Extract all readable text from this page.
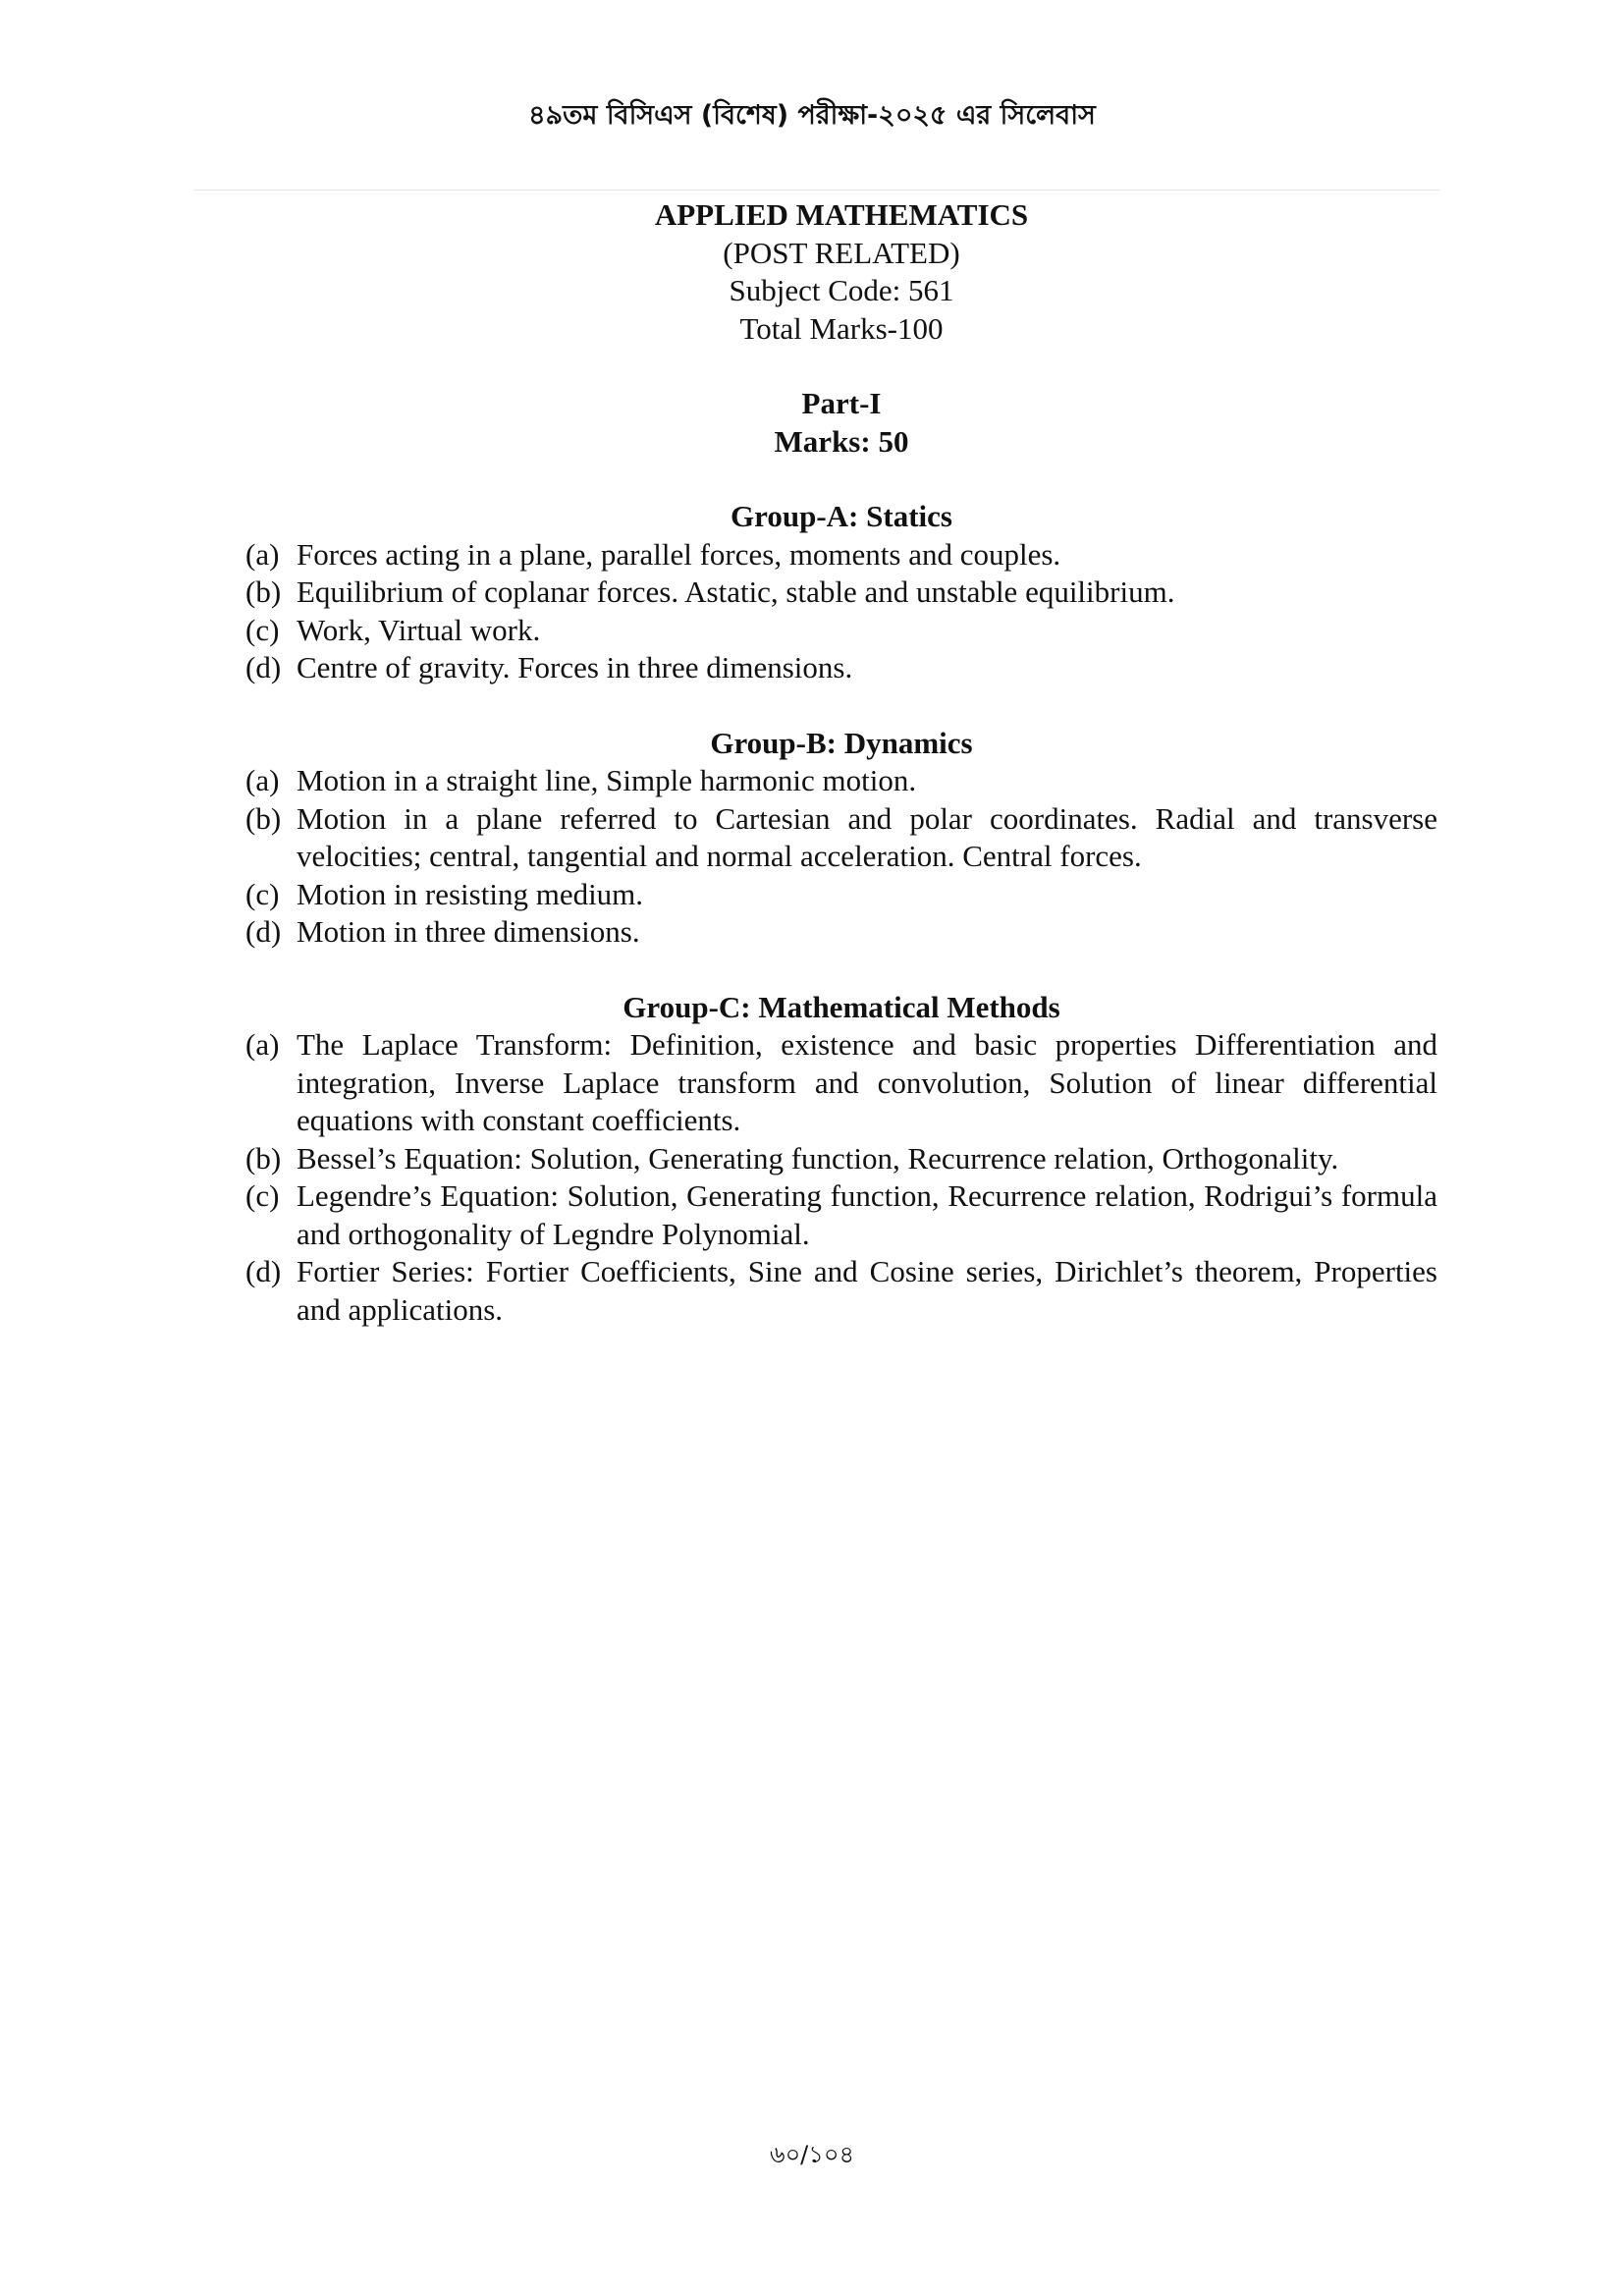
৪৯তম বিসিএস (বিশেষ) পরীক্ষা-২০২৫ এর সিলেবাস
APPLIED MATHEMATICS
(POST RELATED)
Subject Code: 561
Total Marks-100
Part-I
Marks: 50
Group-A: Statics
(a) Forces acting in a plane, parallel forces, moments and couples.
(b) Equilibrium of coplanar forces. Astatic, stable and unstable equilibrium.
(c) Work, Virtual work.
(d) Centre of gravity. Forces in three dimensions.
Group-B: Dynamics
(a) Motion in a straight line, Simple harmonic motion.
(b) Motion in a plane referred to Cartesian and polar coordinates. Radial and transverse velocities; central, tangential and normal acceleration. Central forces.
(c) Motion in resisting medium.
(d) Motion in three dimensions.
Group-C: Mathematical Methods
(a) The Laplace Transform: Definition, existence and basic properties Differentiation and integration, Inverse Laplace transform and convolution, Solution of linear differential equations with constant coefficients.
(b) Bessel’s Equation: Solution, Generating function, Recurrence relation, Orthogonality.
(c) Legendre’s Equation: Solution, Generating function, Recurrence relation, Rodrigui’s formula and orthogonality of Legndre Polynomial.
(d) Fortier Series: Fortier Coefficients, Sine and Cosine series, Dirichlet’s theorem, Properties and applications.
৬০/১০৪
